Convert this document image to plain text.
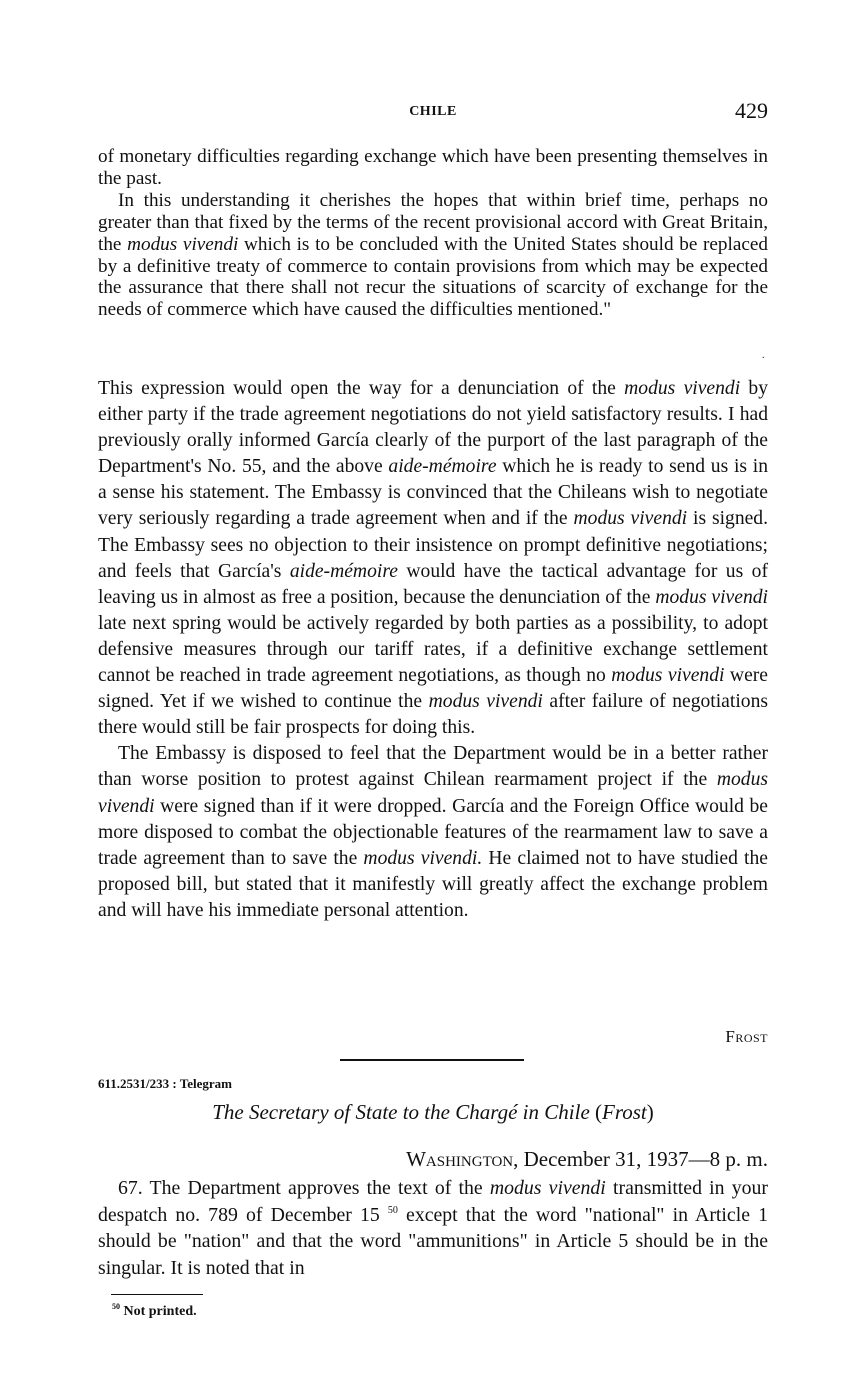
CHILE	429

of monetary difficulties regarding exchange which have been presenting themselves in the past.

In this understanding it cherishes the hopes that within brief time, perhaps no greater than that fixed by the terms of the recent provisional accord with Great Britain, the modus vivendi which is to be concluded with the United States should be replaced by a definitive treaty of commerce to contain provisions from which may be expected the assurance that there shall not recur the situations of scarcity of exchange for the needs of commerce which have caused the difficulties mentioned."

.

This expression would open the way for a denunciation of the modus vivendi by either party if the trade agreement negotiations do not yield satisfactory results. I had previously orally informed García clearly of the purport of the last paragraph of the Department's No. 55, and the above aide-mémoire which he is ready to send us is in a sense his statement. The Embassy is convinced that the Chileans wish to negotiate very seriously regarding a trade agreement when and if the modus vivendi is signed. The Embassy sees no objection to their insistence on prompt definitive negotiations; and feels that García's aide-mémoire would have the tactical advantage for us of leaving us in almost as free a position, because the denunciation of the modus vivendi late next spring would be actively regarded by both parties as a possibility, to adopt defensive measures through our tariff rates, if a definitive exchange settlement cannot be reached in trade agreement negotiations, as though no modus vivendi were signed. Yet if we wished to continue the modus vivendi after failure of negotiations there would still be fair prospects for doing this.

The Embassy is disposed to feel that the Department would be in a better rather than worse position to protest against Chilean rearmament project if the modus vivendi were signed than if it were dropped. García and the Foreign Office would be more disposed to combat the objectionable features of the rearmament law to save a trade agreement than to save the modus vivendi. He claimed not to have studied the proposed bill, but stated that it manifestly will greatly affect the exchange problem and will have his immediate personal attention.

Frost
611.2531/233 : Telegram
The Secretary of State to the Chargé in Chile (Frost)
Washington, December 31, 1937—8 p. m.

67. The Department approves the text of the modus vivendi transmitted in your despatch no. 789 of December 15 $^{50}$ except that the word "national" in Article 1 should be "nation" and that the word "ammunitions" in Article 5 should be in the singular. It is noted that in

$^{50}$ Not printed.
